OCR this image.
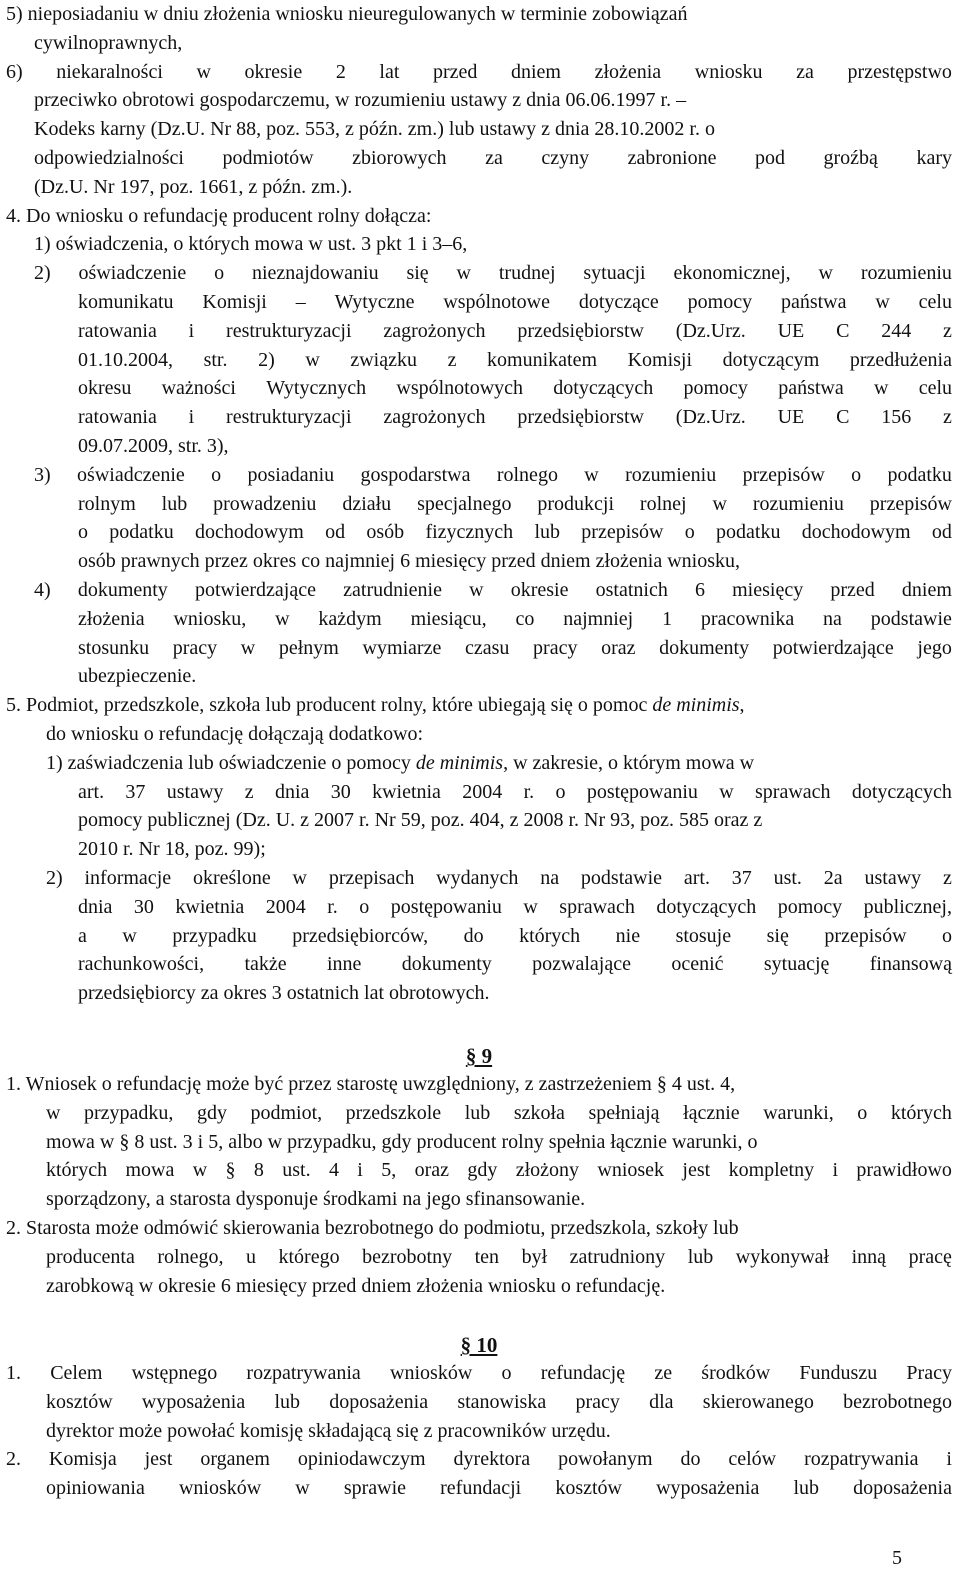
5) nieposiadaniu w dniu złożenia wniosku nieuregulowanych w terminie zobowiązań
cywilnoprawnych,
6) niekaralności w okresie 2 lat przed dniem złożenia wniosku za przestępstwo
przeciwko obrotowi gospodarczemu, w rozumieniu ustawy z dnia 06.06.1997 r. –
Kodeks karny (Dz.U. Nr 88, poz. 553, z późn. zm.) lub ustawy z dnia 28.10.2002 r. o
odpowiedzialności podmiotów zbiorowych za czyny zabronione pod groźbą kary
(Dz.U. Nr 197, poz. 1661, z późn. zm.).
4. Do wniosku o refundację producent rolny dołącza:
1) oświadczenia, o których mowa w ust. 3 pkt 1 i 3–6,
2) oświadczenie o nieznajdowaniu się w trudnej sytuacji ekonomicznej, w rozumieniu
komunikatu Komisji – Wytyczne wspólnotowe dotyczące pomocy państwa w celu
ratowania i restrukturyzacji zagrożonych przedsiębiorstw (Dz.Urz. UE C 244 z
01.10.2004, str. 2) w związku z komunikatem Komisji dotyczącym przedłużenia
okresu ważności Wytycznych wspólnotowych dotyczących pomocy państwa w celu
ratowania i restrukturyzacji zagrożonych przedsiębiorstw (Dz.Urz. UE C 156 z
09.07.2009, str. 3),
3) oświadczenie o posiadaniu gospodarstwa rolnego w rozumieniu przepisów o podatku
rolnym lub prowadzeniu działu specjalnego produkcji rolnej w rozumieniu przepisów
o podatku dochodowym od osób fizycznych lub przepisów o podatku dochodowym od
osób prawnych przez okres co najmniej 6 miesięcy przed dniem złożenia wniosku,
4) dokumenty potwierdzające zatrudnienie w okresie ostatnich 6 miesięcy przed dniem
złożenia wniosku, w każdym miesiącu, co najmniej 1 pracownika na podstawie
stosunku pracy w pełnym wymiarze czasu pracy oraz dokumenty potwierdzające jego
ubezpieczenie.
5. Podmiot, przedszkole, szkoła lub producent rolny, które ubiegają się o pomoc de minimis,
do wniosku o refundację dołączają dodatkowo:
1) zaświadczenia lub oświadczenie o pomocy de minimis, w zakresie, o którym mowa w
art. 37 ustawy z dnia 30 kwietnia 2004 r. o postępowaniu w sprawach dotyczących
pomocy publicznej (Dz. U. z 2007 r. Nr 59, poz. 404, z 2008 r. Nr 93, poz. 585 oraz z
2010 r. Nr 18, poz. 99);
2) informacje określone w przepisach wydanych na podstawie art. 37 ust. 2a ustawy z
dnia 30 kwietnia 2004 r. o postępowaniu w sprawach dotyczących pomocy publicznej,
a w przypadku przedsiębiorców, do których nie stosuje się przepisów o
rachunkowości, także inne dokumenty pozwalające ocenić sytuację finansową
przedsiębiorcy za okres 3 ostatnich lat obrotowych.
§ 9
1. Wniosek o refundację może być przez starostę uwzględniony, z zastrzeżeniem § 4 ust. 4,
w przypadku, gdy podmiot, przedszkole lub szkoła spełniają łącznie warunki, o których
mowa w § 8 ust. 3 i 5, albo w przypadku, gdy producent rolny spełnia łącznie warunki, o
których mowa w § 8 ust. 4 i 5, oraz gdy złożony wniosek jest kompletny i prawidłowo
sporządzony, a starosta dysponuje środkami na jego sfinansowanie.
2. Starosta może odmówić skierowania bezrobotnego do podmiotu, przedszkola, szkoły lub
producenta rolnego, u którego bezrobotny ten był zatrudniony lub wykonywał inną pracę
zarobkową w okresie 6 miesięcy przed dniem złożenia wniosku o refundację.
§ 10
1. Celem wstępnego rozpatrywania wniosków o refundację ze środków Funduszu Pracy
kosztów wyposażenia lub doposażenia stanowiska pracy dla skierowanego bezrobotnego
dyrektor może powołać komisję składającą się z pracowników urzędu.
2. Komisja jest organem opiniodawczym dyrektora powołanym do celów rozpatrywania i
opiniowania wniosków w sprawie refundacji kosztów wyposażenia lub doposażenia
5
